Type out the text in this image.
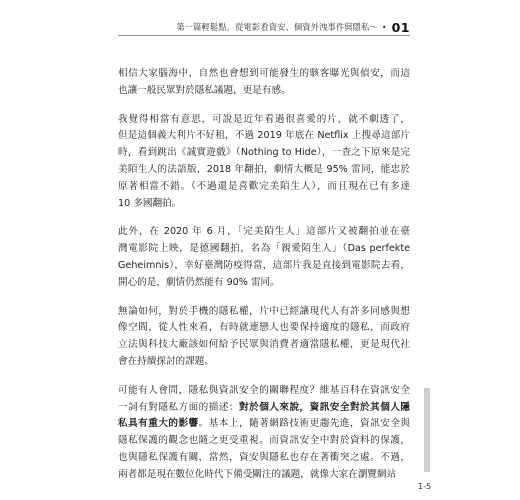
第一篇輕鬆點，從電影看資安、個資外洩事件與隱私～ • 01
相信大家腦海中，自然也會想到可能發生的駭客曝光與偵安，而這
也讓一般民眾對於隱私議題，更是有感。
我覺得相當有意思，可說是近年看過很喜愛的片，就不劇透了，
但是這個義大利片不好租，不過 2019 年底在 Netflix 上搜尋這部片
時，看到跳出《誠實遊戲》（Nothing to Hide），一查之下原來是完
美陌生人的法語版，2018 年翻拍，劇情大概是 95% 雷同，能忠於
原著相當不錯。（不過還是喜歡完美陌生人），而且現在已有多達
10 多國翻拍。
此外，在 2020 年 6 月，「完美陌生人」這部片又被翻拍並在臺
灣電影院上映，是德國翻拍，名為「親愛陌生人」（Das perfekte
Geheimnis），幸好臺灣防疫得當，這部片我是直接到電影院去看，
開心的是，劇情仍然能有 90% 雷同。
無論如何，對於手機的隱私權，片中已經讓現代人有許多同感與想
像空間，從人性來看，有時就連戀人也要保持適度的隱私，而政府
立法與科技大廠該如何給予民眾與消費者適當隱私權，更是現代社
會在持續探討的課題。
可能有人會問，隱私與資訊安全的關聯程度？維基百科在資訊安全
一詞有對隱私方面的描述：對於個人來說，資訊安全對於其個人隱
私具有重大的影響。基本上，隨著網路技術更趨先進，資訊安全與
隱私保護的觀念也隨之更受重視。而資訊安全中對於資料的保護，
也與隱私保護有關，當然，資安與隱私也存在著衝突之處。不過，
兩者都是現在數位化時代下備受關注的議題，就像大家在瀏覽網站
1-5
